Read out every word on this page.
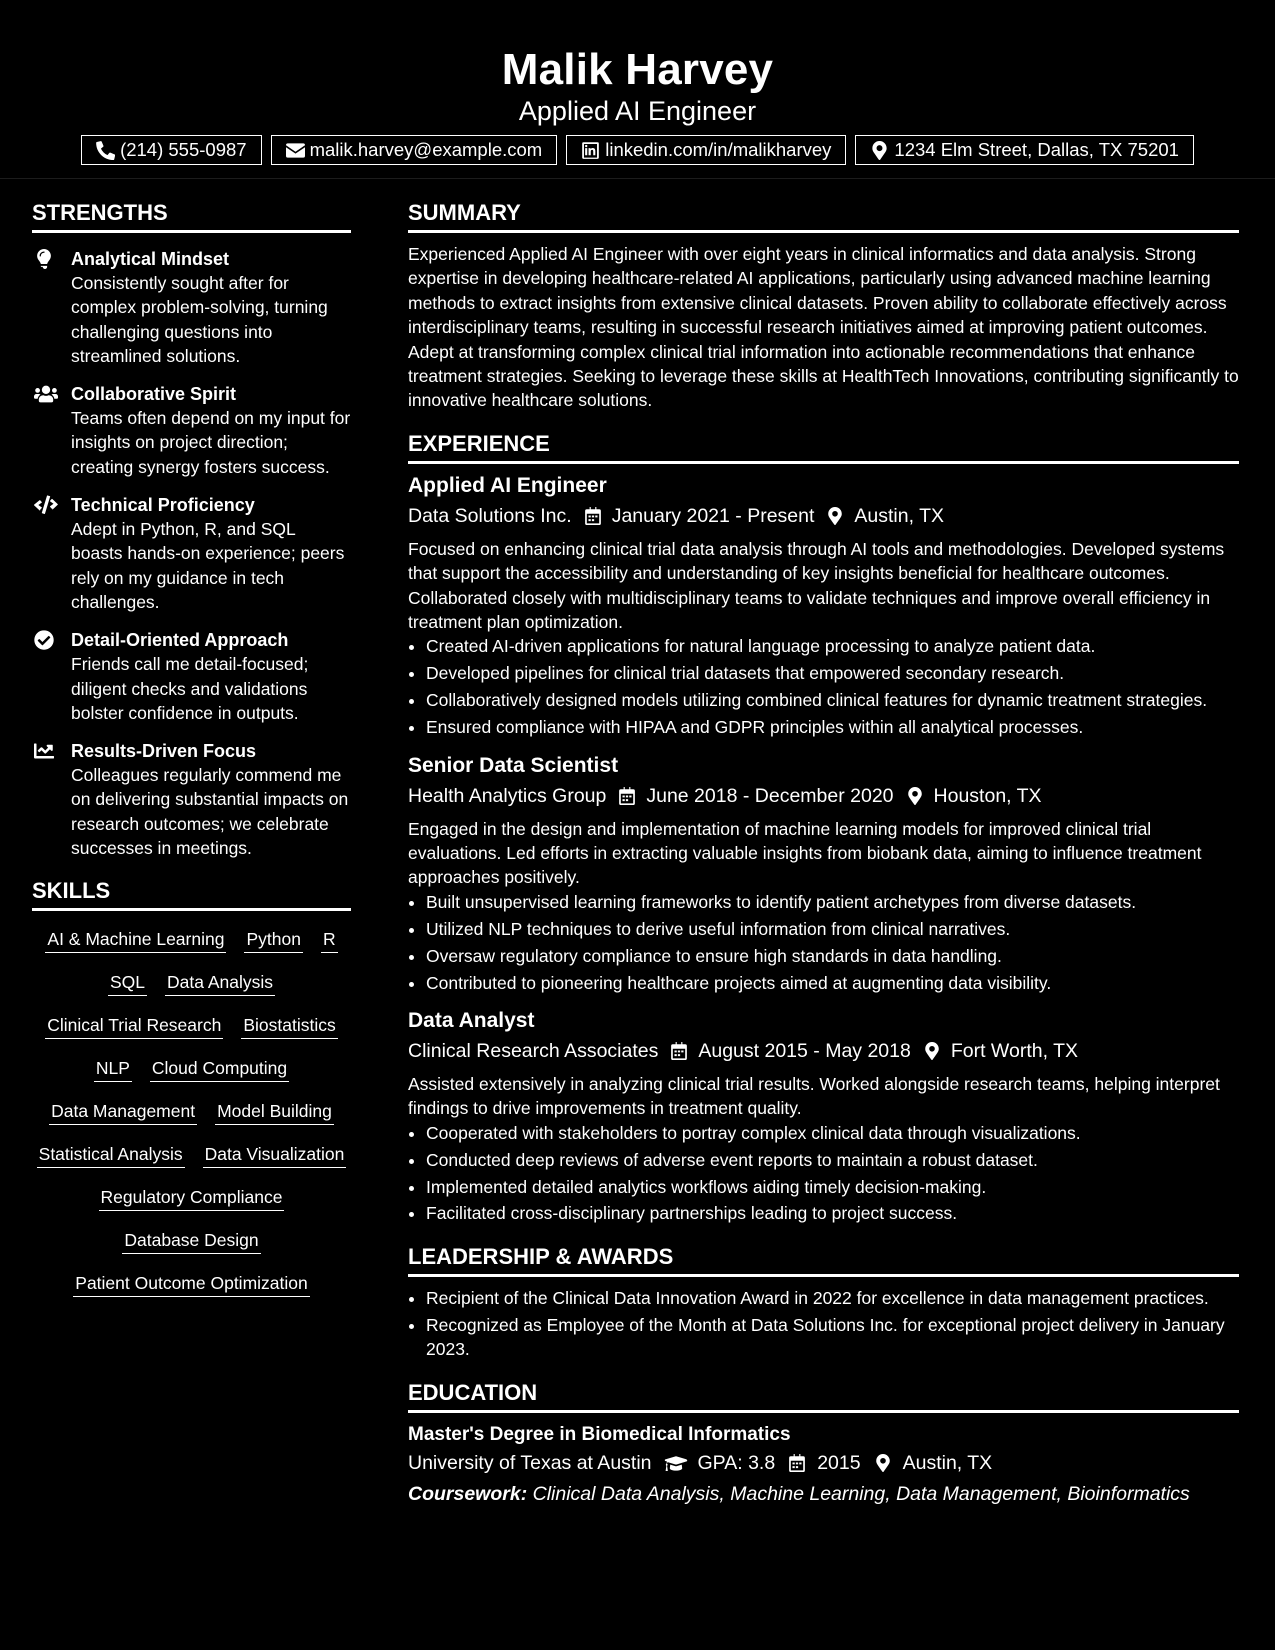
Malik Harvey
Applied AI Engineer
(214) 555-0987	malik.harvey@example.com	linkedin.com/in/malikharvey	1234 Elm Street, Dallas, TX 75201
STRENGTHS
Analytical Mindset
Consistently sought after for complex problem-solving, turning challenging questions into streamlined solutions.
Collaborative Spirit
Teams often depend on my input for insights on project direction; creating synergy fosters success.
Technical Proficiency
Adept in Python, R, and SQL boasts hands-on experience; peers rely on my guidance in tech challenges.
Detail-Oriented Approach
Friends call me detail-focused; diligent checks and validations bolster confidence in outputs.
Results-Driven Focus
Colleagues regularly commend me on delivering substantial impacts on research outcomes; we celebrate successes in meetings.
SKILLS
AI & Machine Learning Python R
SQL Data Analysis
Clinical Trial Research Biostatistics
NLP Cloud Computing
Data Management Model Building
Statistical Analysis Data Visualization
Regulatory Compliance
Database Design
Patient Outcome Optimization
SUMMARY
Experienced Applied AI Engineer with over eight years in clinical informatics and data analysis. Strong expertise in developing healthcare-related AI applications, particularly using advanced machine learning methods to extract insights from extensive clinical datasets. Proven ability to collaborate effectively across interdisciplinary teams, resulting in successful research initiatives aimed at improving patient outcomes. Adept at transforming complex clinical trial information into actionable recommendations that enhance treatment strategies. Seeking to leverage these skills at HealthTech Innovations, contributing significantly to innovative healthcare solutions.
EXPERIENCE
Applied AI Engineer
Data Solutions Inc. January 2021 - Present Austin, TX
Focused on enhancing clinical trial data analysis through AI tools and methodologies. Developed systems that support the accessibility and understanding of key insights beneficial for healthcare outcomes. Collaborated closely with multidisciplinary teams to validate techniques and improve overall efficiency in treatment plan optimization.
• Created AI-driven applications for natural language processing to analyze patient data.
• Developed pipelines for clinical trial datasets that empowered secondary research.
• Collaboratively designed models utilizing combined clinical features for dynamic treatment strategies.
• Ensured compliance with HIPAA and GDPR principles within all analytical processes.
Senior Data Scientist
Health Analytics Group June 2018 - December 2020 Houston, TX
Engaged in the design and implementation of machine learning models for improved clinical trial evaluations. Led efforts in extracting valuable insights from biobank data, aiming to influence treatment approaches positively.
• Built unsupervised learning frameworks to identify patient archetypes from diverse datasets.
• Utilized NLP techniques to derive useful information from clinical narratives.
• Oversaw regulatory compliance to ensure high standards in data handling.
• Contributed to pioneering healthcare projects aimed at augmenting data visibility.
Data Analyst
Clinical Research Associates August 2015 - May 2018 Fort Worth, TX
Assisted extensively in analyzing clinical trial results. Worked alongside research teams, helping interpret findings to drive improvements in treatment quality.
• Cooperated with stakeholders to portray complex clinical data through visualizations.
• Conducted deep reviews of adverse event reports to maintain a robust dataset.
• Implemented detailed analytics workflows aiding timely decision-making.
• Facilitated cross-disciplinary partnerships leading to project success.
LEADERSHIP & AWARDS
• Recipient of the Clinical Data Innovation Award in 2022 for excellence in data management practices.
• Recognized as Employee of the Month at Data Solutions Inc. for exceptional project delivery in January 2023.
EDUCATION
Master's Degree in Biomedical Informatics
University of Texas at Austin GPA: 3.8 2015 Austin, TX
Coursework: Clinical Data Analysis, Machine Learning, Data Management, Bioinformatics
